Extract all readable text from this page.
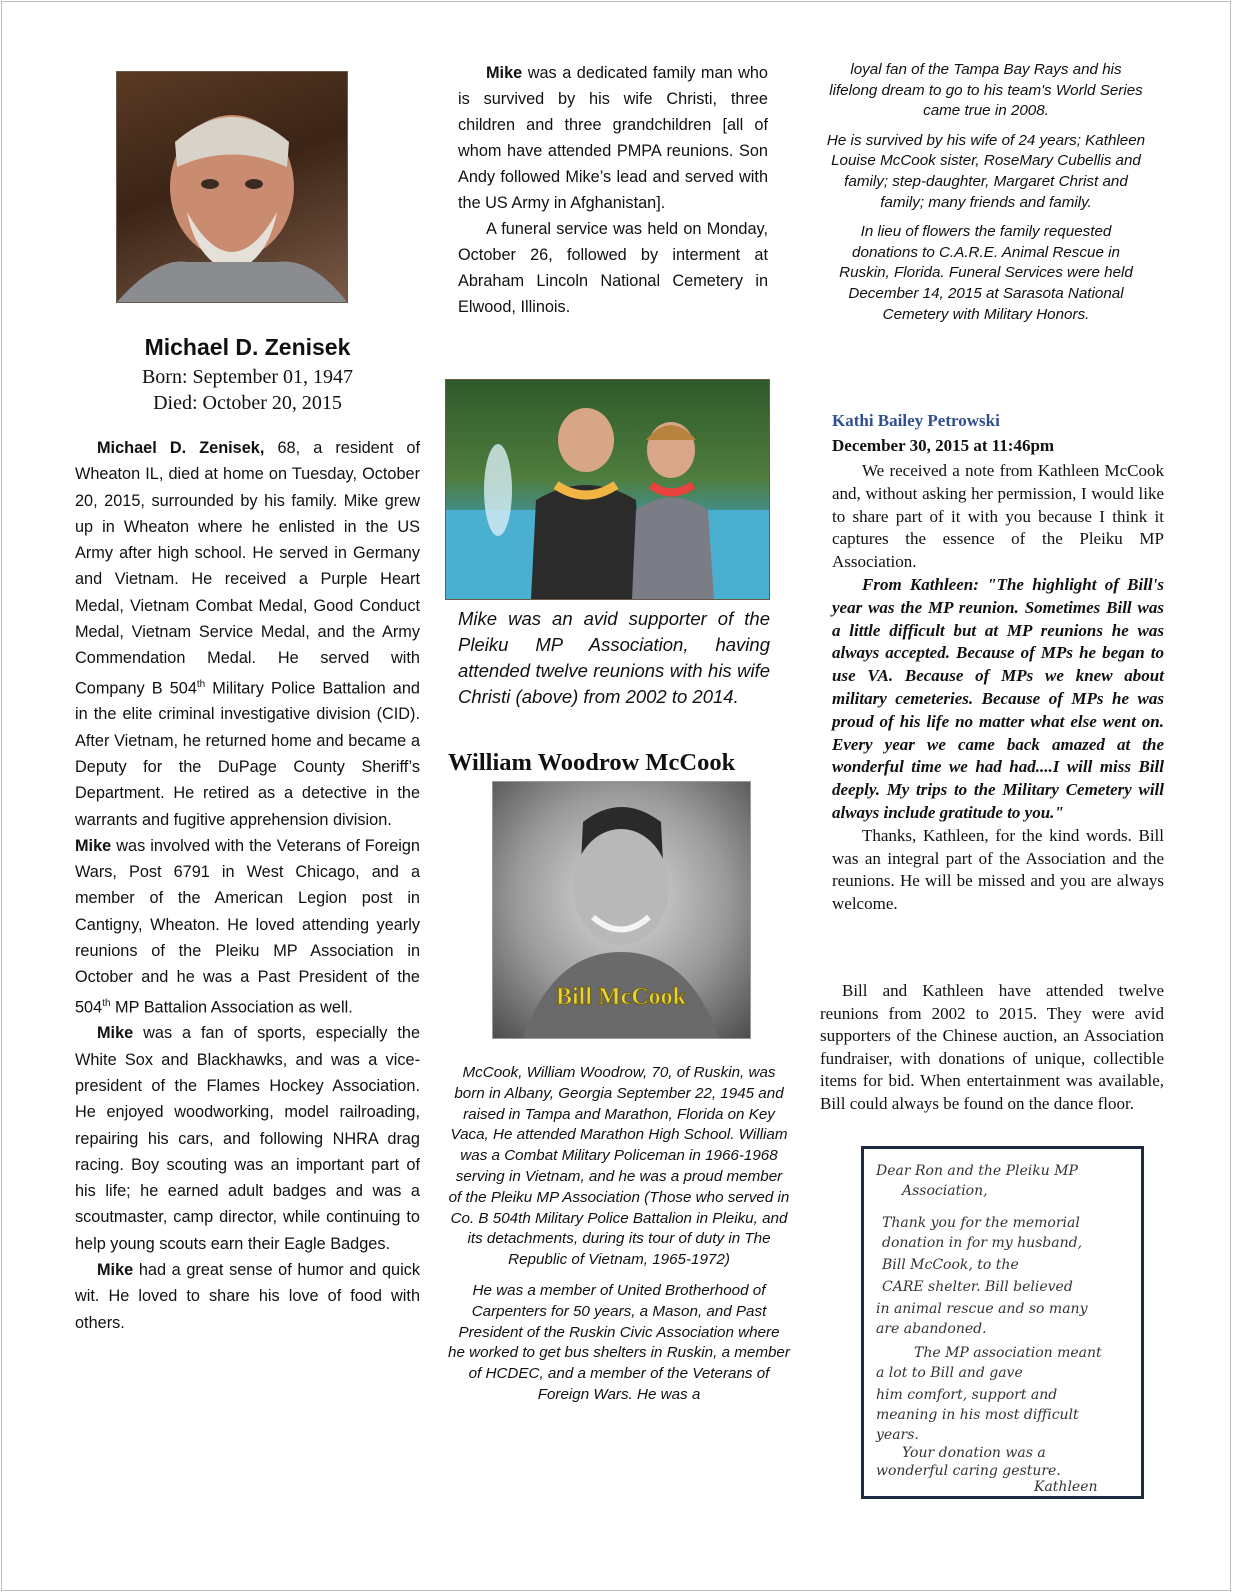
Michael D. Zenisek
Born: September 01, 1947
Died: October 20, 2015

Michael D. Zenisek, 68, a resident of Wheaton IL, died at home on Tuesday, October 20, 2015, surrounded by his family. Mike grew up in Wheaton where he enlisted in the US Army after high school. He served in Germany and Vietnam. He received a Purple Heart Medal, Vietnam Combat Medal, Good Conduct Medal, Vietnam Service Medal, and the Army Commendation Medal. He served with Company B 504th Military Police Battalion and in the elite criminal investigative division (CID). After Vietnam, he returned home and became a Deputy for the DuPage County Sheriff’s Department. He retired as a detective in the warrants and fugitive apprehension division.

Mike was involved with the Veterans of Foreign Wars, Post 6791 in West Chicago, and a member of the American Legion post in Cantigny, Wheaton. He loved attending yearly reunions of the Pleiku MP Association in October and he was a Past President of the 504th MP Battalion Association as well.

Mike was a fan of sports, especially the White Sox and Blackhawks, and was a vice-president of the Flames Hockey Association. He enjoyed woodworking, model railroading, repairing his cars, and following NHRA drag racing. Boy scouting was an important part of his life; he earned adult badges and was a scoutmaster, camp director, while continuing to help young scouts earn their Eagle Badges.

Mike had a great sense of humor and quick wit. He loved to share his love of food with others.

Mike was a dedicated family man who is survived by his wife Christi, three children and three grandchildren [all of whom have attended PMPA reunions. Son Andy followed Mike’s lead and served with the US Army in Afghanistan].

A funeral service was held on Monday, October 26, followed by interment at Abraham Lincoln National Cemetery in Elwood, Illinois.

Mike was an avid supporter of the Pleiku MP Association, having attended twelve reunions with his wife Christi (above) from 2002 to 2014.
William Woodrow McCook
Bill McCook

McCook, William Woodrow, 70, of Ruskin, was born in Albany, Georgia September 22, 1945 and raised in Tampa and Marathon, Florida on Key Vaca, He attended Marathon High School. William was a Combat Military Policeman in 1966-1968 serving in Vietnam, and he was a proud member of the Pleiku MP Association (Those who served in Co. B 504th Military Police Battalion in Pleiku, and its detachments, during its tour of duty in The Republic of Vietnam, 1965-1972)

He was a member of United Brotherhood of Carpenters for 50 years, a Mason, and Past President of the Ruskin Civic Association where he worked to get bus shelters in Ruskin, a member of HCDEC, and a member of the Veterans of Foreign Wars. He was a

loyal fan of the Tampa Bay Rays and his lifelong dream to go to his team's World Series came true in 2008.

He is survived by his wife of 24 years; Kathleen Louise McCook sister, RoseMary Cubellis and family; step-daughter, Margaret Christ and family; many friends and family.

In lieu of flowers the family requested donations to C.A.R.E. Animal Rescue in Ruskin, Florida. Funeral Services were held December 14, 2015 at Sarasota National Cemetery with Military Honors.

Kathi Bailey Petrowski
December 30, 2015 at 11:46pm

We received a note from Kathleen McCook and, without asking her permission, I would like to share part of it with you because I think it captures the essence of the Pleiku MP Association.

From Kathleen: "The highlight of Bill's year was the MP reunion. Sometimes Bill was a little difficult but at MP reunions he was always accepted. Because of MPs he began to use VA. Because of MPs we knew about military cemeteries. Because of MPs he was proud of his life no matter what else went on. Every year we came back amazed at the wonderful time we had had....I will miss Bill deeply. My trips to the Military Cemetery will always include gratitude to you."

Thanks, Kathleen, for the kind words. Bill was an integral part of the Association and the reunions. He will be missed and you are always welcome.

Bill and Kathleen have attended twelve reunions from 2002 to 2015. They were avid supporters of the Chinese auction, an Association fundraiser, with donations of unique, collectible items for bid. When entertainment was available, Bill could always be found on the dance floor.

Dear Ron and the Pleiku MP
Association,
Thank you for the memorial
donation in for my husband,
Bill McCook, to the
CARE shelter. Bill believed
in animal rescue and so many
are abandoned.
The MP association meant
a lot to Bill and gave
him comfort, support and
meaning in his most difficult
years.
Your donation was a
wonderful caring gesture.
Kathleen
